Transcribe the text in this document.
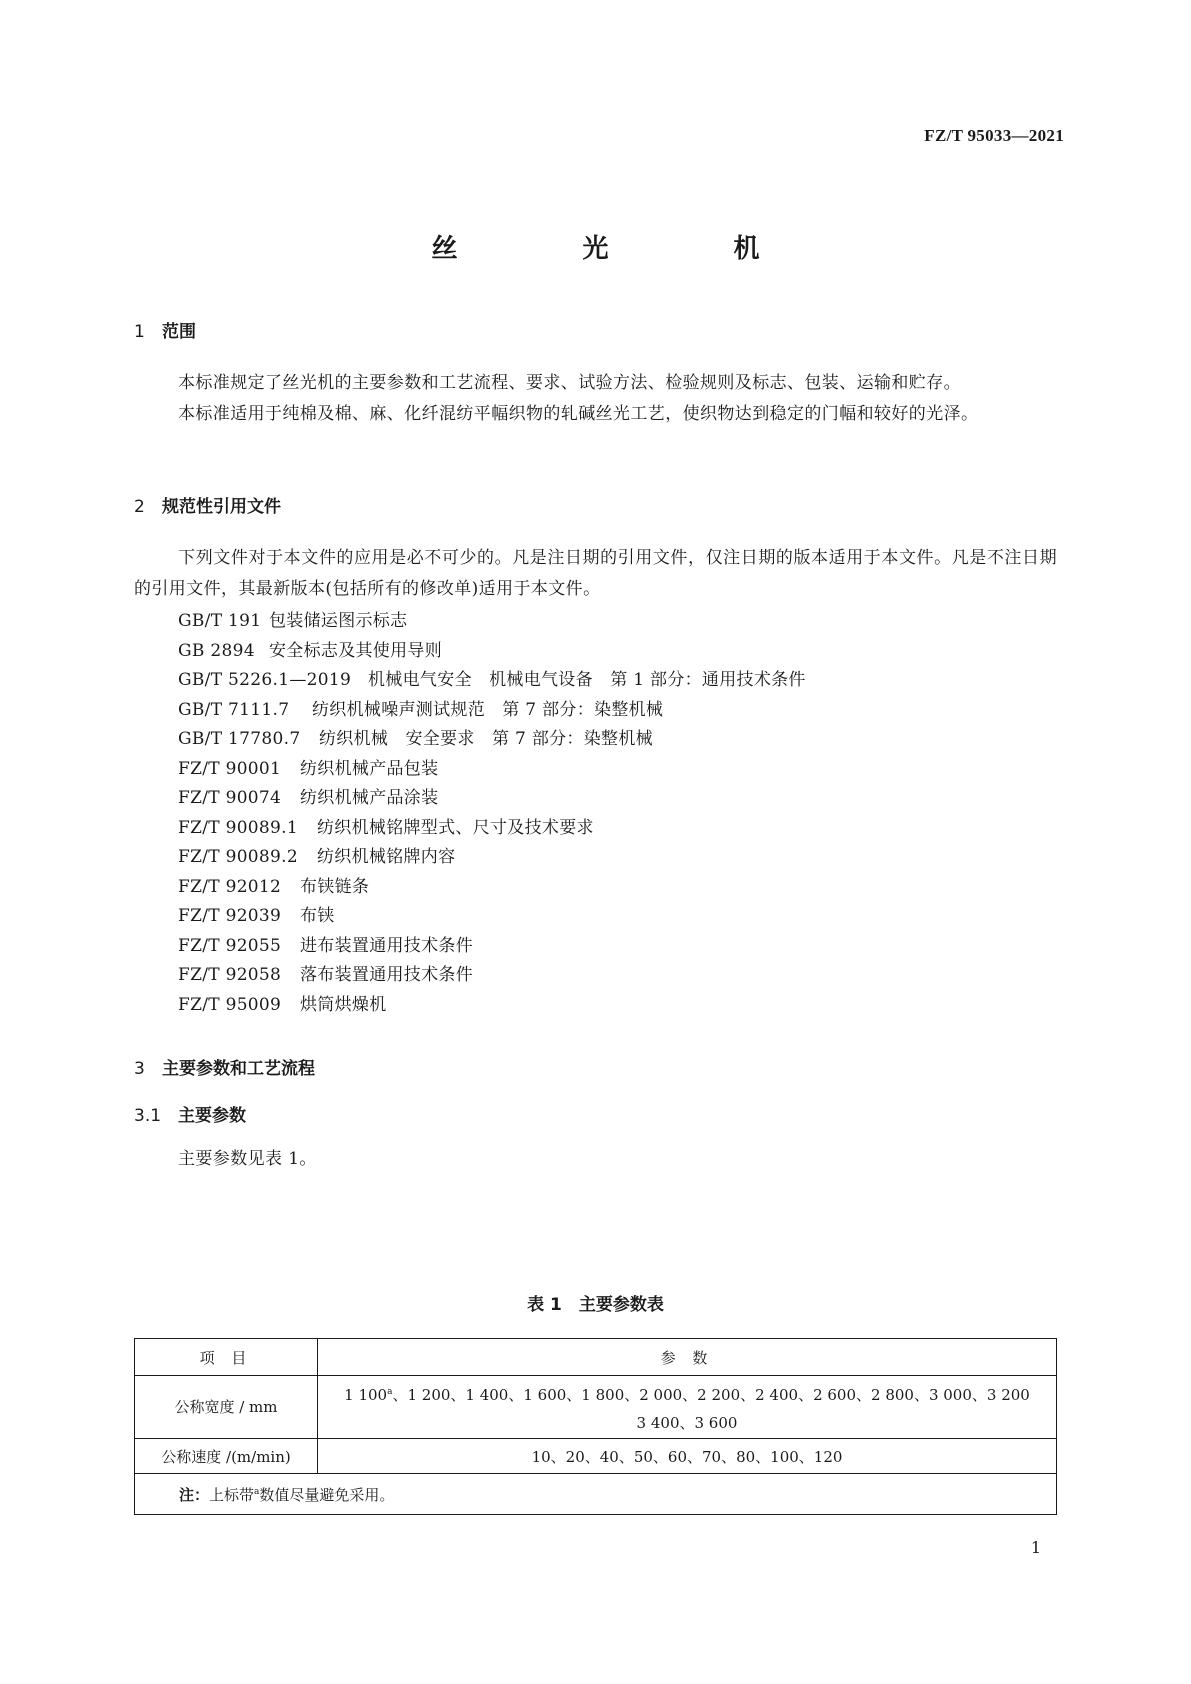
FZ/T 95033—2021
丝 光 机
1 范围
本标准规定了丝光机的主要参数和工艺流程、要求、试验方法、检验规则及标志、包装、运输和贮存。
本标准适用于纯棉及棉、麻、化纤混纺平幅织物的轧碱丝光工艺，使织物达到稳定的门幅和较好的光泽。
2 规范性引用文件
下列文件对于本文件的应用是必不可少的。凡是注日期的引用文件，仅注日期的版本适用于本文件。凡是不注日期的引用文件，其最新版本(包括所有的修改单)适用于本文件。
GB/T 191 包装储运图示标志
GB 2894 安全标志及其使用导则
GB/T 5226.1—2019 机械电气安全　机械电气设备　第 1 部分：通用技术条件
GB/T 7111.7 纺织机械噪声测试规范　第 7 部分：染整机械
GB/T 17780.7 纺织机械　安全要求　第 7 部分：染整机械
FZ/T 90001 纺织机械产品包装
FZ/T 90074 纺织机械产品涂装
FZ/T 90089.1 纺织机械铭牌型式、尺寸及技术要求
FZ/T 90089.2 纺织机械铭牌内容
FZ/T 92012 布铗链条
FZ/T 92039 布铗
FZ/T 92055 进布装置通用技术条件
FZ/T 92058 落布装置通用技术条件
FZ/T 95009 烘筒烘燥机
3 主要参数和工艺流程
3.1 主要参数
主要参数见表 1。
表 1　主要参数表
项 目	参 数
公称宽度 / mm	1 100$^a$、1 200、1 400、1 600、1 800、2 000、2 200、2 400、2 600、2 800、3 000、3 200
3 400、3 600

公称速度 /(m/min)	10、20、40、50、60、70、80、100、120
注：上标带$^a$数值尽量避免采用。	
1
